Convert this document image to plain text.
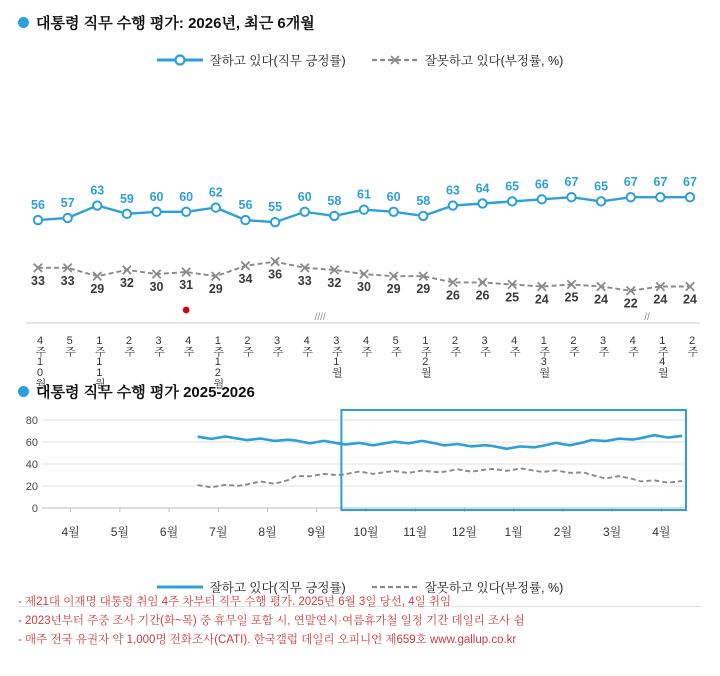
대통령 직무 수행 평가: 2026년, 최근 6개월
잘하고 있다(직무 긍정률)	잘못하고 있다(부정률, %)
56 57
63
59 60 60 62
56 55
60 58 61 60 58
63 64 65 66 67 65 67 67 67
33 33
29 32 30 31 29
34 36 33 32 30 29 29 26 26 25 24 25 24 22 24 24
////	//
4주10월
5주	1주11월
2주	3주	4주	1주12월
2주	3주	4주	3주1월
4주	5주	1주2월
2주	3주	4주	1주3월
2주	3주	4주	1주4월
2주
대통령 직무 수행 평가 2025-2026
0
20
40
60
80
4월	5월	6월	7월	8월	9월 10월 11월 12월 1월	2월	3월	4월
잘하고 있다(직무 긍정률)	잘못하고 있다(부정률, %)
- 제21대 이재명 대통령 취임 4주 차부터 직무 수행 평가. 2025년 6월 3일 당선, 4일 취임
- 2023년부터 주중 조사 기간(화~목) 중 휴무일 포함 시, 연말연시·여름휴가철 일정 기간 데일리 조사 쉼
- 매주 전국 유권자 약 1,000명 전화조사(CATI). 한국갤럽 데일리 오피니언 제659호 www.gallup.co.kr
